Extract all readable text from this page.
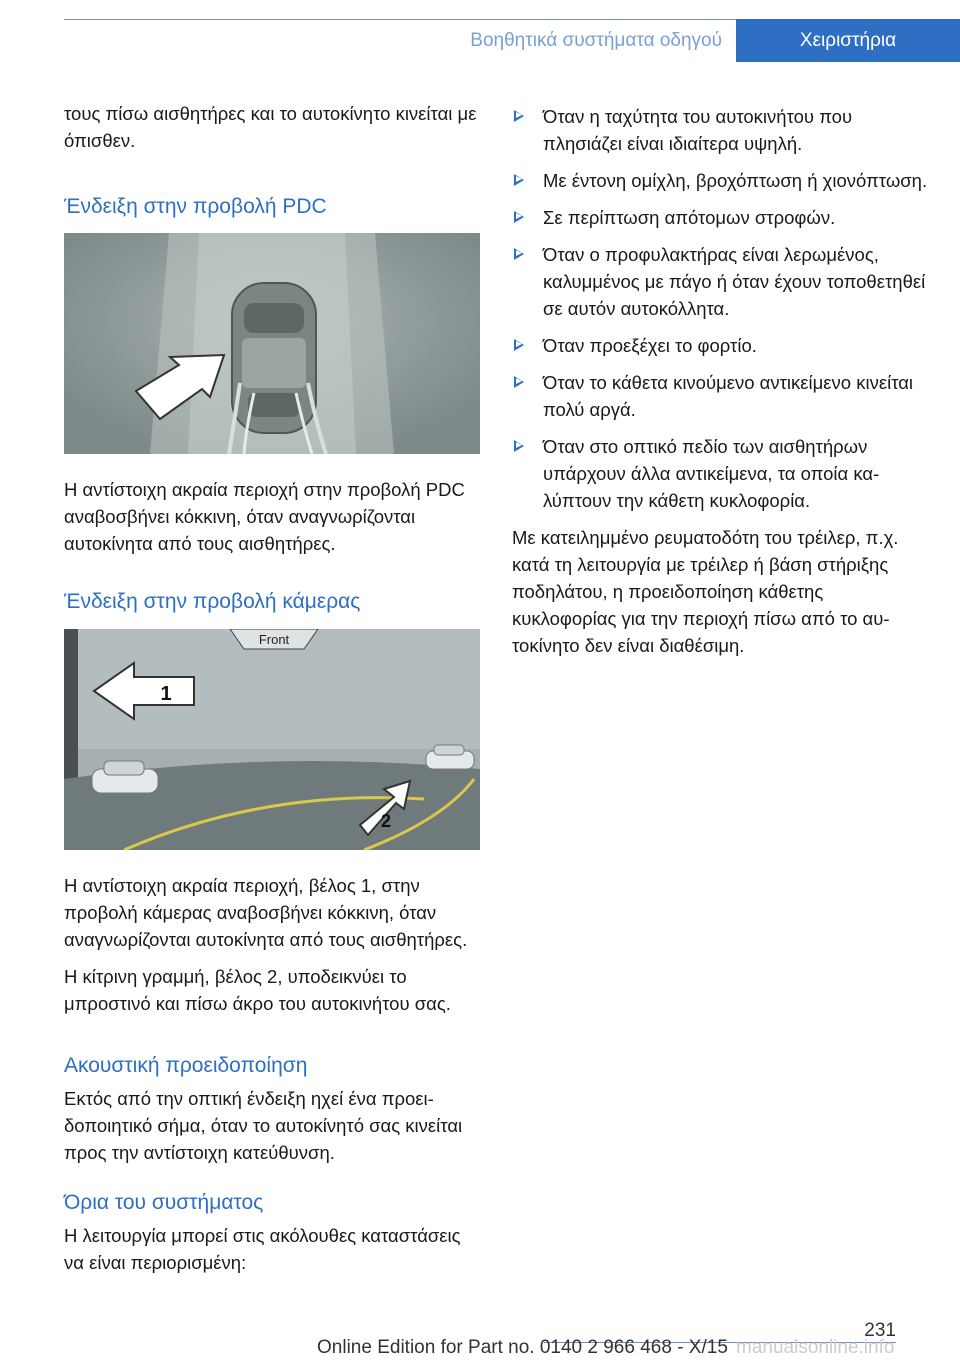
Βοηθητικά συστήματα οδηγού	Χειριστήρια

τους πίσω αισθητήρες και το αυτοκίνητο κινείται με όπισθεν.

Ένδειξη στην προβολή PDC

Η αντίστοιχη ακραία περιοχή στην προβολή PDC αναβοσβήνει κόκκινη, όταν αναγνωρίζονται αυτοκίνητα από τους αισθητήρες.

Ένδειξη στην προβολή κάμερας
Front
1
2

Η αντίστοιχη ακραία περιοχή, βέλος 1, στην προβολή κάμερας αναβοσβήνει κόκκινη, όταν αναγνωρίζονται αυτοκίνητα από τους αισθητήρες.

Η κίτρινη γραμμή, βέλος 2, υποδεικνύει το μπροστινό και πίσω άκρο του αυτοκινήτου σας.

Ακουστική προειδοποίηση

Εκτός από την οπτική ένδειξη ηχεί ένα προειδοποιητικό σήμα, όταν το αυτοκίνητό σας κινείται προς την αντίστοιχη κατεύθυνση.

Όρια του συστήματος

Η λειτουργία μπορεί στις ακόλουθες καταστάσεις να είναι περιορισμένη:

Όταν η ταχύτητα του αυτοκινήτου που πλησιάζει είναι ιδιαίτερα υψηλή.
Με έντονη ομίχλη, βροχόπτωση ή χιονόπτωση.
Σε περίπτωση απότομων στροφών.
Όταν ο προφυλακτήρας είναι λερωμένος, καλυμμένος με πάγο ή όταν έχουν τοποθετηθεί σε αυτόν αυτοκόλλητα.
Όταν προεξέχει το φορτίο.
Όταν το κάθετα κινούμενο αντικείμενο κινείται πολύ αργά.
Όταν στο οπτικό πεδίο των αισθητήρων υπάρχουν άλλα αντικείμενα, τα οποία καλύπτουν την κάθετη κυκλοφορία.

Με κατειλημμένο ρευματοδότη του τρέιλερ, π.χ. κατά τη λειτουργία με τρέιλερ ή βάση στήριξης ποδηλάτου, η προειδοποίηση κάθετης κυκλοφορίας για την περιοχή πίσω από το αυτοκίνητο δεν είναι διαθέσιμη.

231
Online Edition for Part no. 0140 2 966 468 - X/15 manualsonline.info
